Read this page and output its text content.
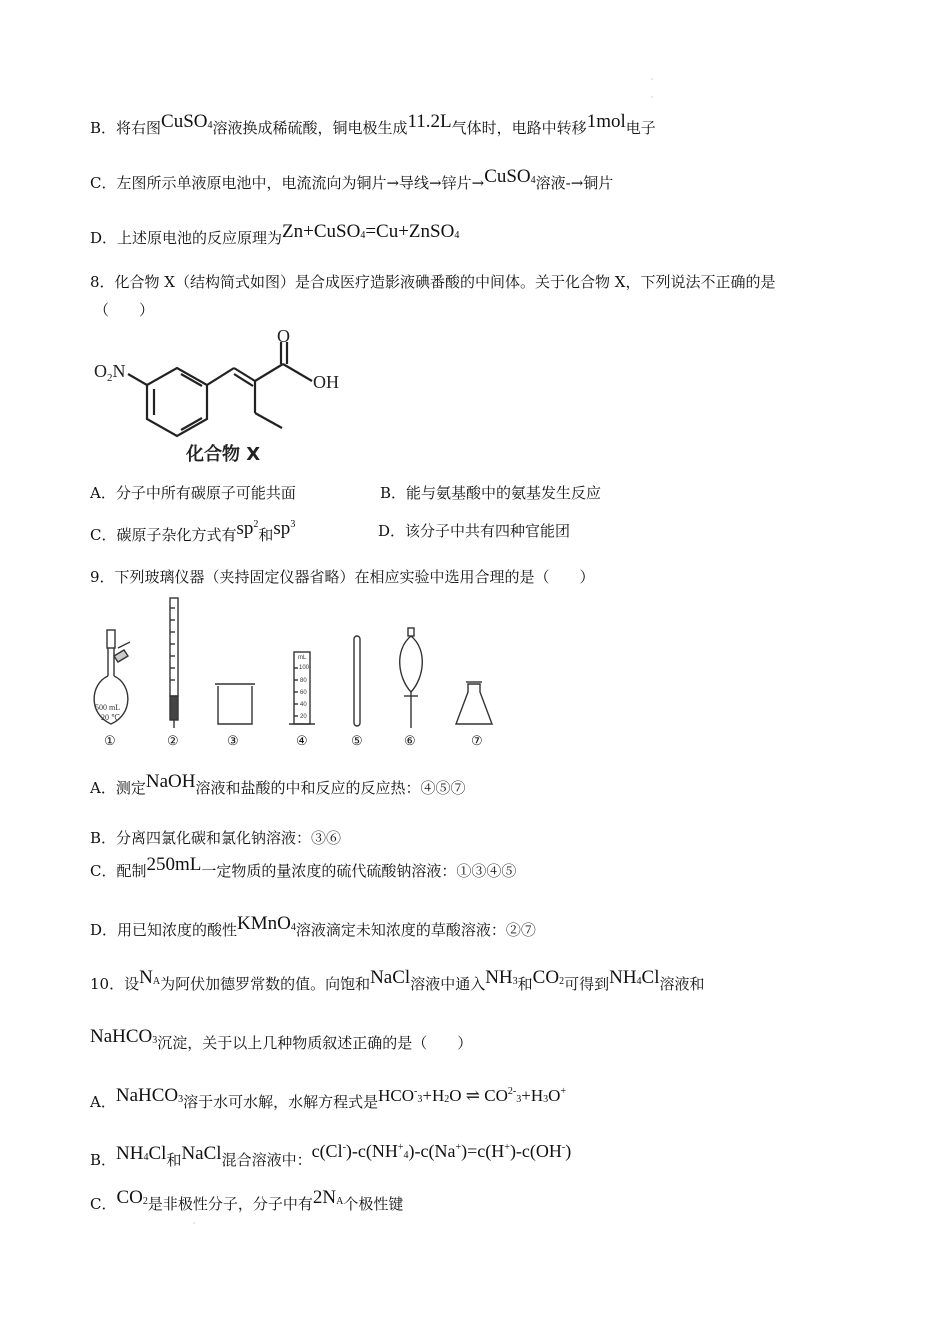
˙
˙
˙
B．将右图CuSO$_4$溶液换成稀硫酸，铜电极生成11.2L气体时，电路中转移1mol电子
C．左图所示单液原电池中，电流流向为铜片→导线→锌片→CuSO$_4$溶液-→铜片
D．上述原电池的反应原理为Zn+CuSO$_4$=Cu+ZnSO$_4$
8．化合物 X（结构简式如图）是合成医疗造影液碘番酸的中间体。关于化合物 X，下列说法不正确的是
（　　）
$O_2N$
O
OH
化合物 X
A．分子中所有碳原子可能共面	B．能与氨基酸中的氨基发生反应
C．碳原子杂化方式有$sp^2$和$sp^3$	D．该分子中共有四种官能团
9．下列玻璃仪器（夹持固定仪器省略）在相应实验中选用合理的是（　　）
500 mL
20 ℃
mL
100
80
60
40
20
①	②	③	④	⑤	⑥	⑦
A．测定NaOH溶液和盐酸的中和反应的反应热：④⑤⑦
B．分离四氯化碳和氯化钠溶液：③⑥
C．配制250mL一定物质的量浓度的硫代硫酸钠溶液：①③④⑤
D．用已知浓度的酸性KMnO$_4$溶液滴定未知浓度的草酸溶液：②⑦
10．设$N_A$为阿伏加德罗常数的值。向饱和NaCl溶液中通入$NH_3$和$CO_2$可得到$NH_4Cl$溶液和
NaHCO$_3$沉淀，关于以上几种物质叙述正确的是（　　）
A．NaHCO$_3$溶于水可水解，水解方程式是$HCO^-_3+H_2O$ ⇌ $CO^{2-}_3+H_3O^+$
B．$NH_4Cl$和NaCl混合溶液中：$c(Cl^-)-c(NH^+_4)-c(Na^+)=c(H^+)-c(OH^-)$
C．$CO_2$是非极性分子，分子中有$2N_A$个极性键
